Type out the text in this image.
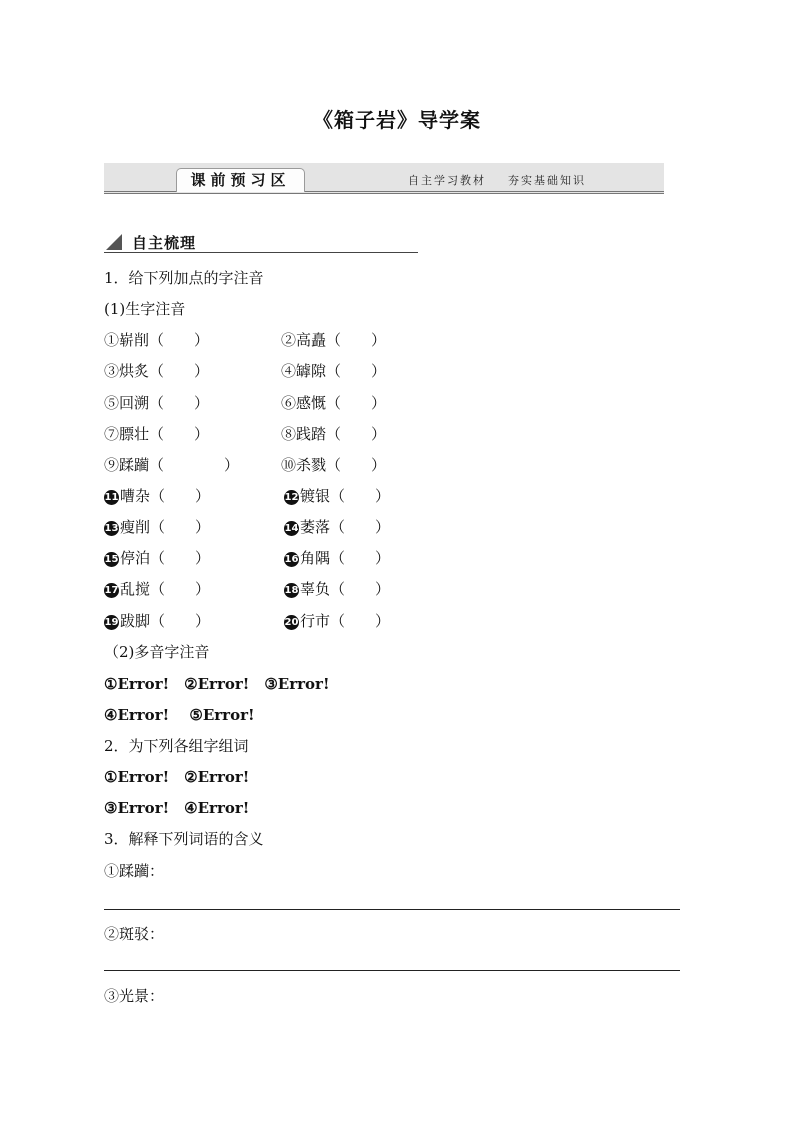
《箱子岩》导学案
课前预习区	自主学习教材    夯实基础知识
自主梳理
1．给下列加点的字注音
(1)生字注音
①崭削（　　）	②高矗（　　）
③烘炙（　　）	④罅隙（　　）
⑤回溯（　　）	⑥感慨（　　）
⑦膘壮（　　）	⑧践踏（　　）
⑨蹂躏（　　　　）	⑩杀戮（　　）
11 嘈杂（　　）	12 镀银（　　）
13 瘦削（　　）	14 萎落（　　）
15 停泊（　　）	16 角隅（　　）
17 乱搅（　　）	18 辜负（　　）
19 跋脚（　　）	20 行市（　　）
（2)多音字注音
①Error!　②Error!　③Error!
④Error!　 ⑤Error!
2．为下列各组字组词
①Error!　②Error!
③Error!　④Error!
3．解释下列词语的含义
①蹂躏：
②斑驳：
③光景：
